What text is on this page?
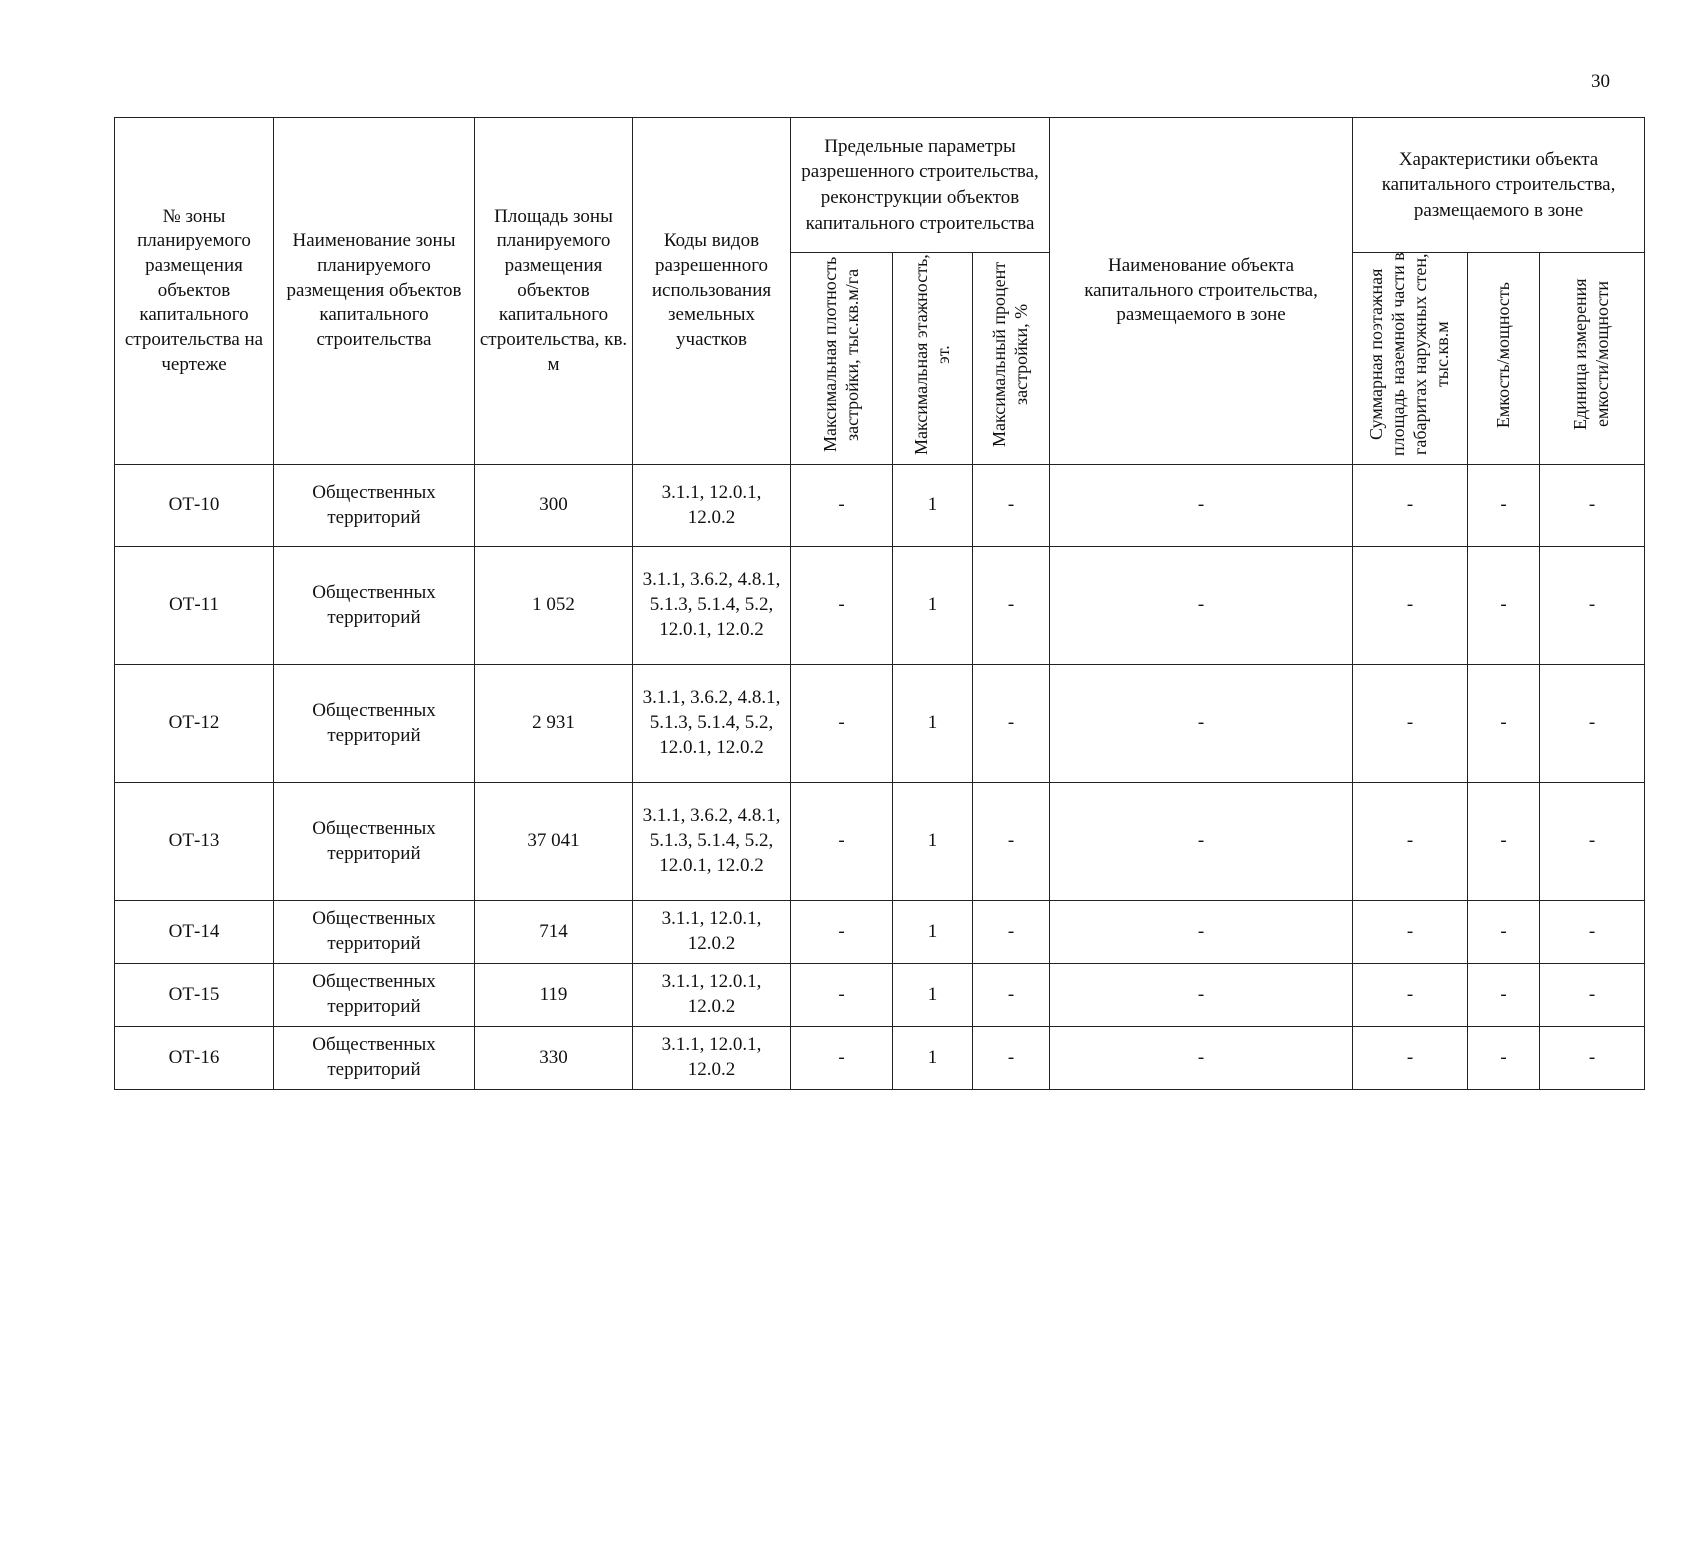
30
№ зоны планируемого размещения объектов капитального строительства на чертеже	Наименование зоны планируемого размещения объектов капитального строительства	Площадь зоны планируемого размещения объектов капитального строительства, кв. м	Коды видов разрешенного использования земельных участков	Предельные параметры разрешенного строительства, реконструкции объектов капитального строительства			Наименование объекта капитального строительства, размещаемого в зоне	Характеристики объекта капитального строительства, размещаемого в зоне		
				Максимальная плотность застройки, тыс.кв.м/га	Максимальная этажность, эт.	Максимальный процент застройки, %		Суммарная поэтажная площадь наземной части в габаритах наружных стен, тыс.кв.м	Емкость/мощность	Единица измерения емкости/мощности
ОТ-10	Общественных территорий	300	3.1.1, 12.0.1, 12.0.2	-	1	-	-	-	-	-
ОТ-11	Общественных территорий	1 052	3.1.1, 3.6.2, 4.8.1, 5.1.3, 5.1.4, 5.2, 12.0.1, 12.0.2	-	1	-	-	-	-	-
ОТ-12	Общественных территорий	2 931	3.1.1, 3.6.2, 4.8.1, 5.1.3, 5.1.4, 5.2, 12.0.1, 12.0.2	-	1	-	-	-	-	-
ОТ-13	Общественных территорий	37 041	3.1.1, 3.6.2, 4.8.1, 5.1.3, 5.1.4, 5.2, 12.0.1, 12.0.2	-	1	-	-	-	-	-
ОТ-14	Общественных территорий	714	3.1.1, 12.0.1, 12.0.2	-	1	-	-	-	-	-
ОТ-15	Общественных территорий	119	3.1.1, 12.0.1, 12.0.2	-	1	-	-	-	-	-
ОТ-16	Общественных территорий	330	3.1.1, 12.0.1, 12.0.2	-	1	-	-	-	-	-
